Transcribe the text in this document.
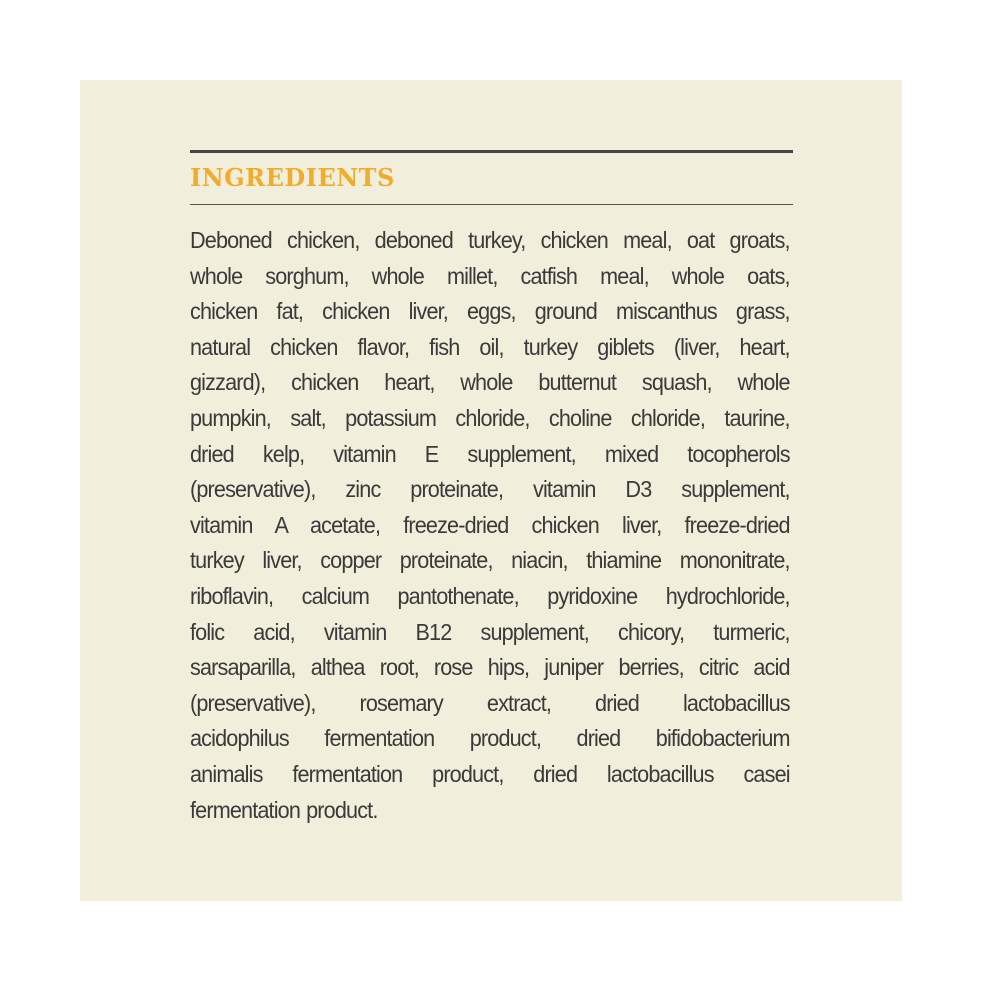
INGREDIENTS
Deboned chicken, deboned turkey, chicken meal, oat groats,
whole sorghum, whole millet, catfish meal, whole oats,
chicken fat, chicken liver, eggs, ground miscanthus grass,
natural chicken flavor, fish oil, turkey giblets (liver, heart,
gizzard), chicken heart, whole butternut squash, whole
pumpkin, salt, potassium chloride, choline chloride, taurine,
dried kelp, vitamin E supplement, mixed tocopherols
(preservative), zinc proteinate, vitamin D3 supplement,
vitamin A acetate, freeze-dried chicken liver, freeze-dried
turkey liver, copper proteinate, niacin, thiamine mononitrate,
riboflavin, calcium pantothenate, pyridoxine hydrochloride,
folic acid, vitamin B12 supplement, chicory, turmeric,
sarsaparilla, althea root, rose hips, juniper berries, citric acid
(preservative), rosemary extract, dried lactobacillus
acidophilus fermentation product, dried bifidobacterium
animalis fermentation product, dried lactobacillus casei
fermentation product.
